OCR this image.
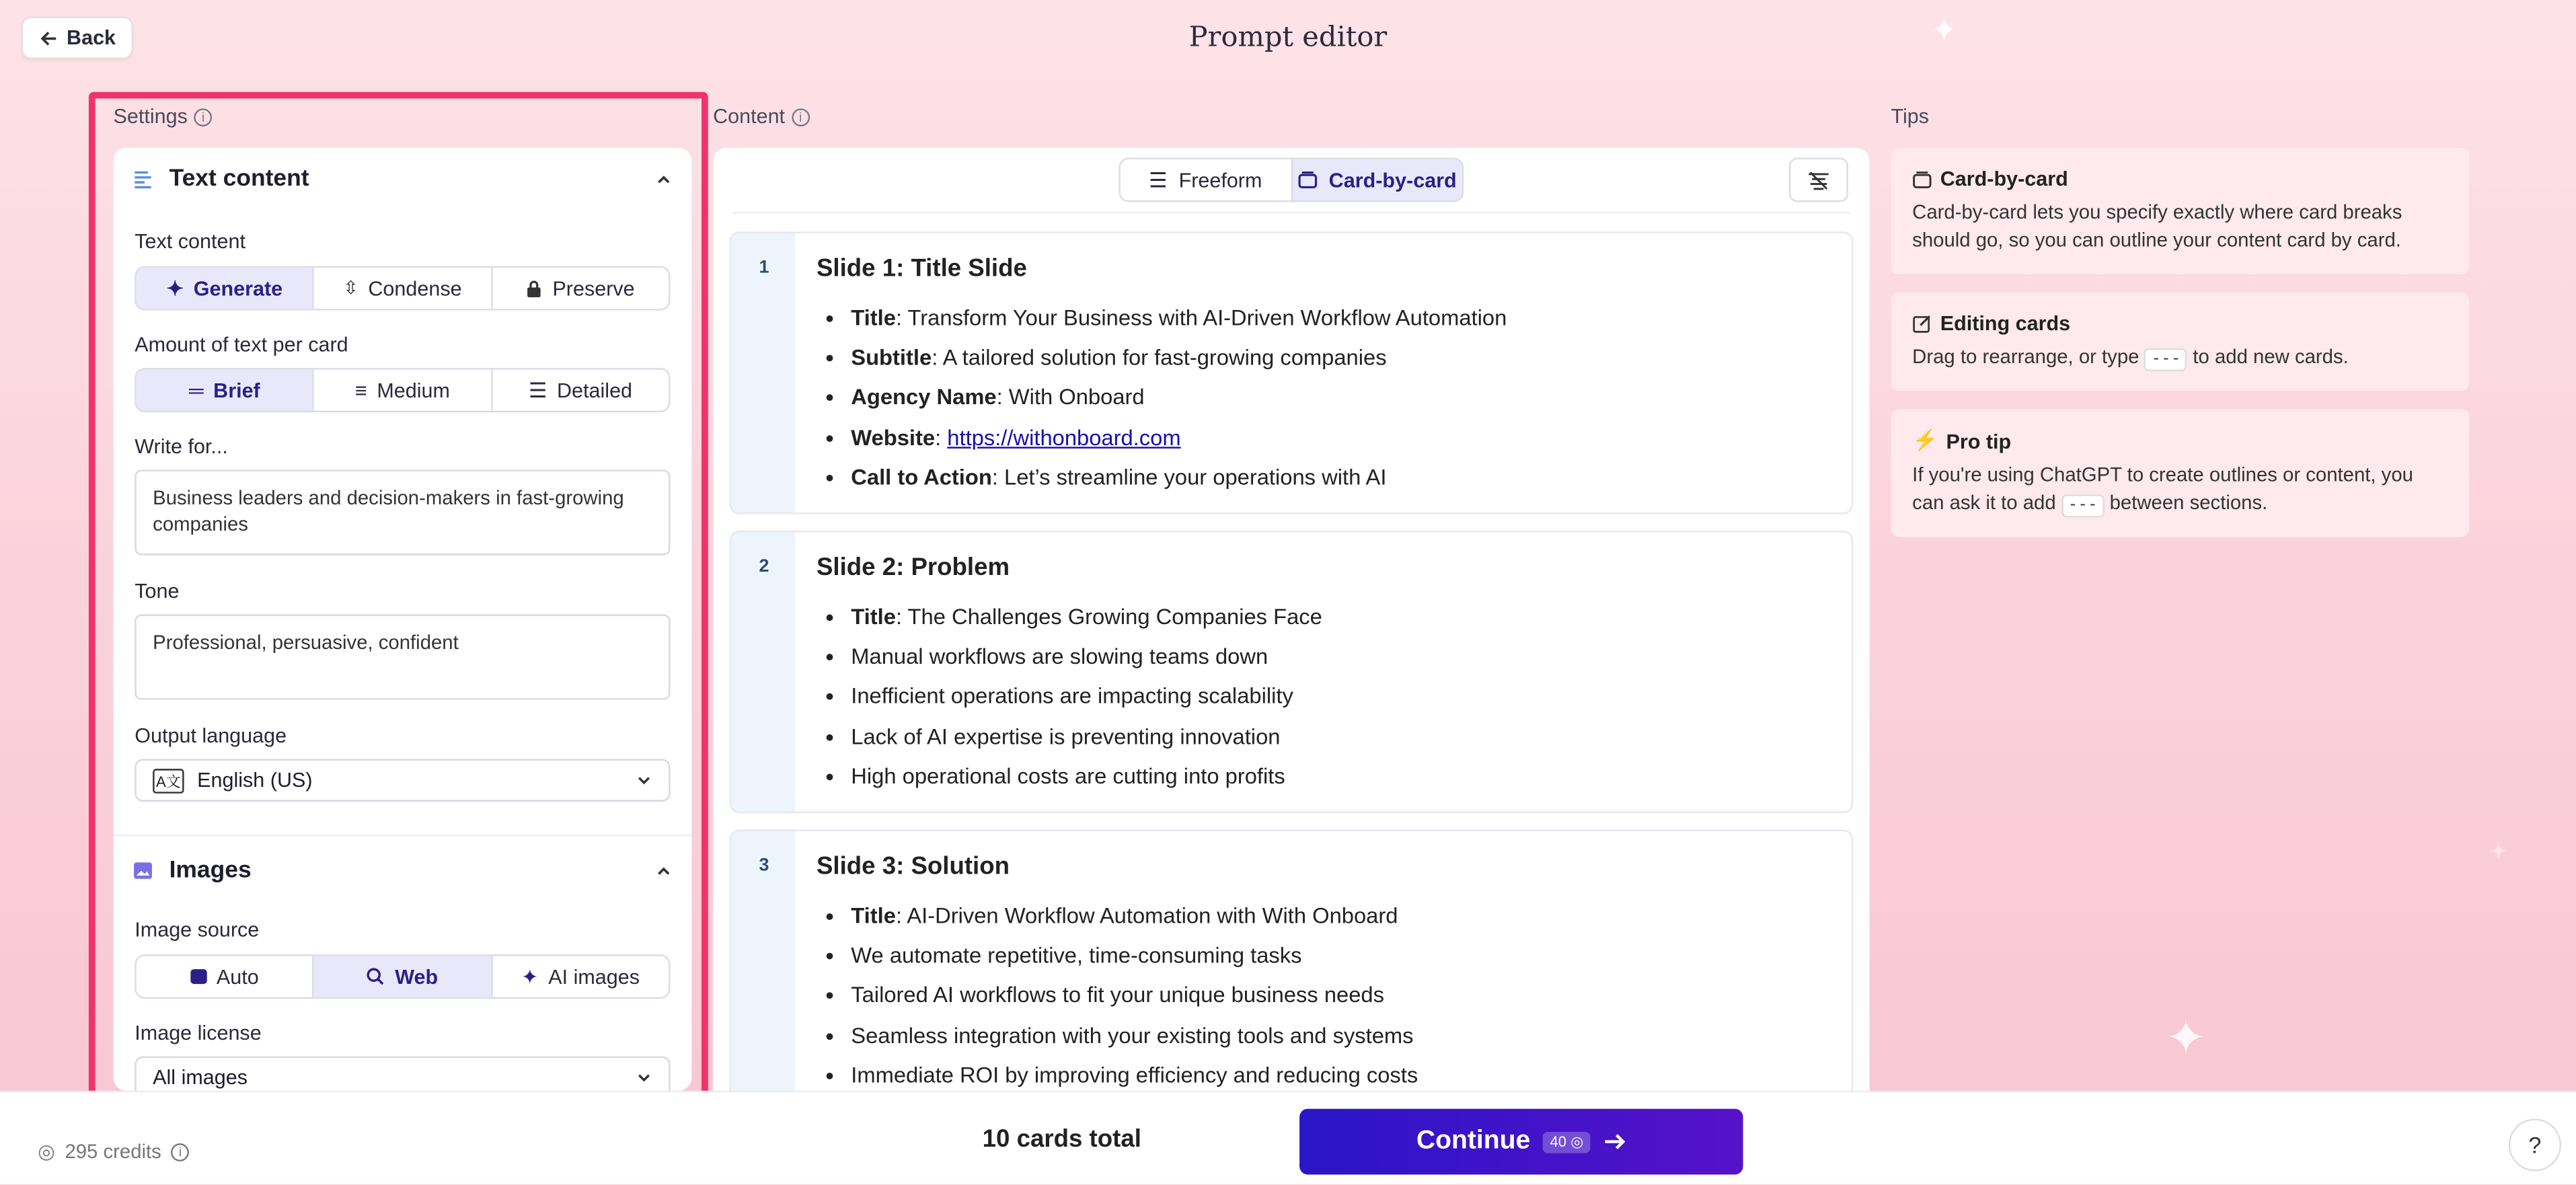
✦
✦
✦
Back	Prompt editor
Settings	i	Content	i	Tips
Text content
Text content
✦ Generate	⇳ Condense	Preserve
Amount of text per card
═ Brief	≡ Medium	☰ Detailed
Write for...
Business leaders and decision-makers in fast-growing companies
Tone
Professional, persuasive, confident
Output language
A文	English (US)
Images
Image source
Auto	Web	✦ AI images
Image license
All images
☰ Freeform	Card-by-card
1	Slide 1: Title Slide
• Title: Transform Your Business with AI-Driven Workflow Automation
• Subtitle: A tailored solution for fast-growing companies
• Agency Name: With Onboard
• Website: https://withonboard.com
• Call to Action: Let’s streamline your operations with AI
2	Slide 2: Problem
• Title: The Challenges Growing Companies Face
• Manual workflows are slowing teams down
• Inefficient operations are impacting scalability
• Lack of AI expertise is preventing innovation
• High operational costs are cutting into profits
3	Slide 3: Solution
• Title: AI-Driven Workflow Automation with With Onboard
• We automate repetitive, time-consuming tasks
• Tailored AI workflows to fit your unique business needs
• Seamless integration with your existing tools and systems
• Immediate ROI by improving efficiency and reducing costs
Card-by-card
Card-by-card lets you specify exactly where card breaks should go, so you can outline your content card by card.
Editing cards
Drag to rearrange, or type --- to add new cards.
⚡ Pro tip
If you're using ChatGPT to create outlines or content, you can ask it to add --- between sections.
◎ 295 credits	i	10 cards total	Continue	40 ◎	?
